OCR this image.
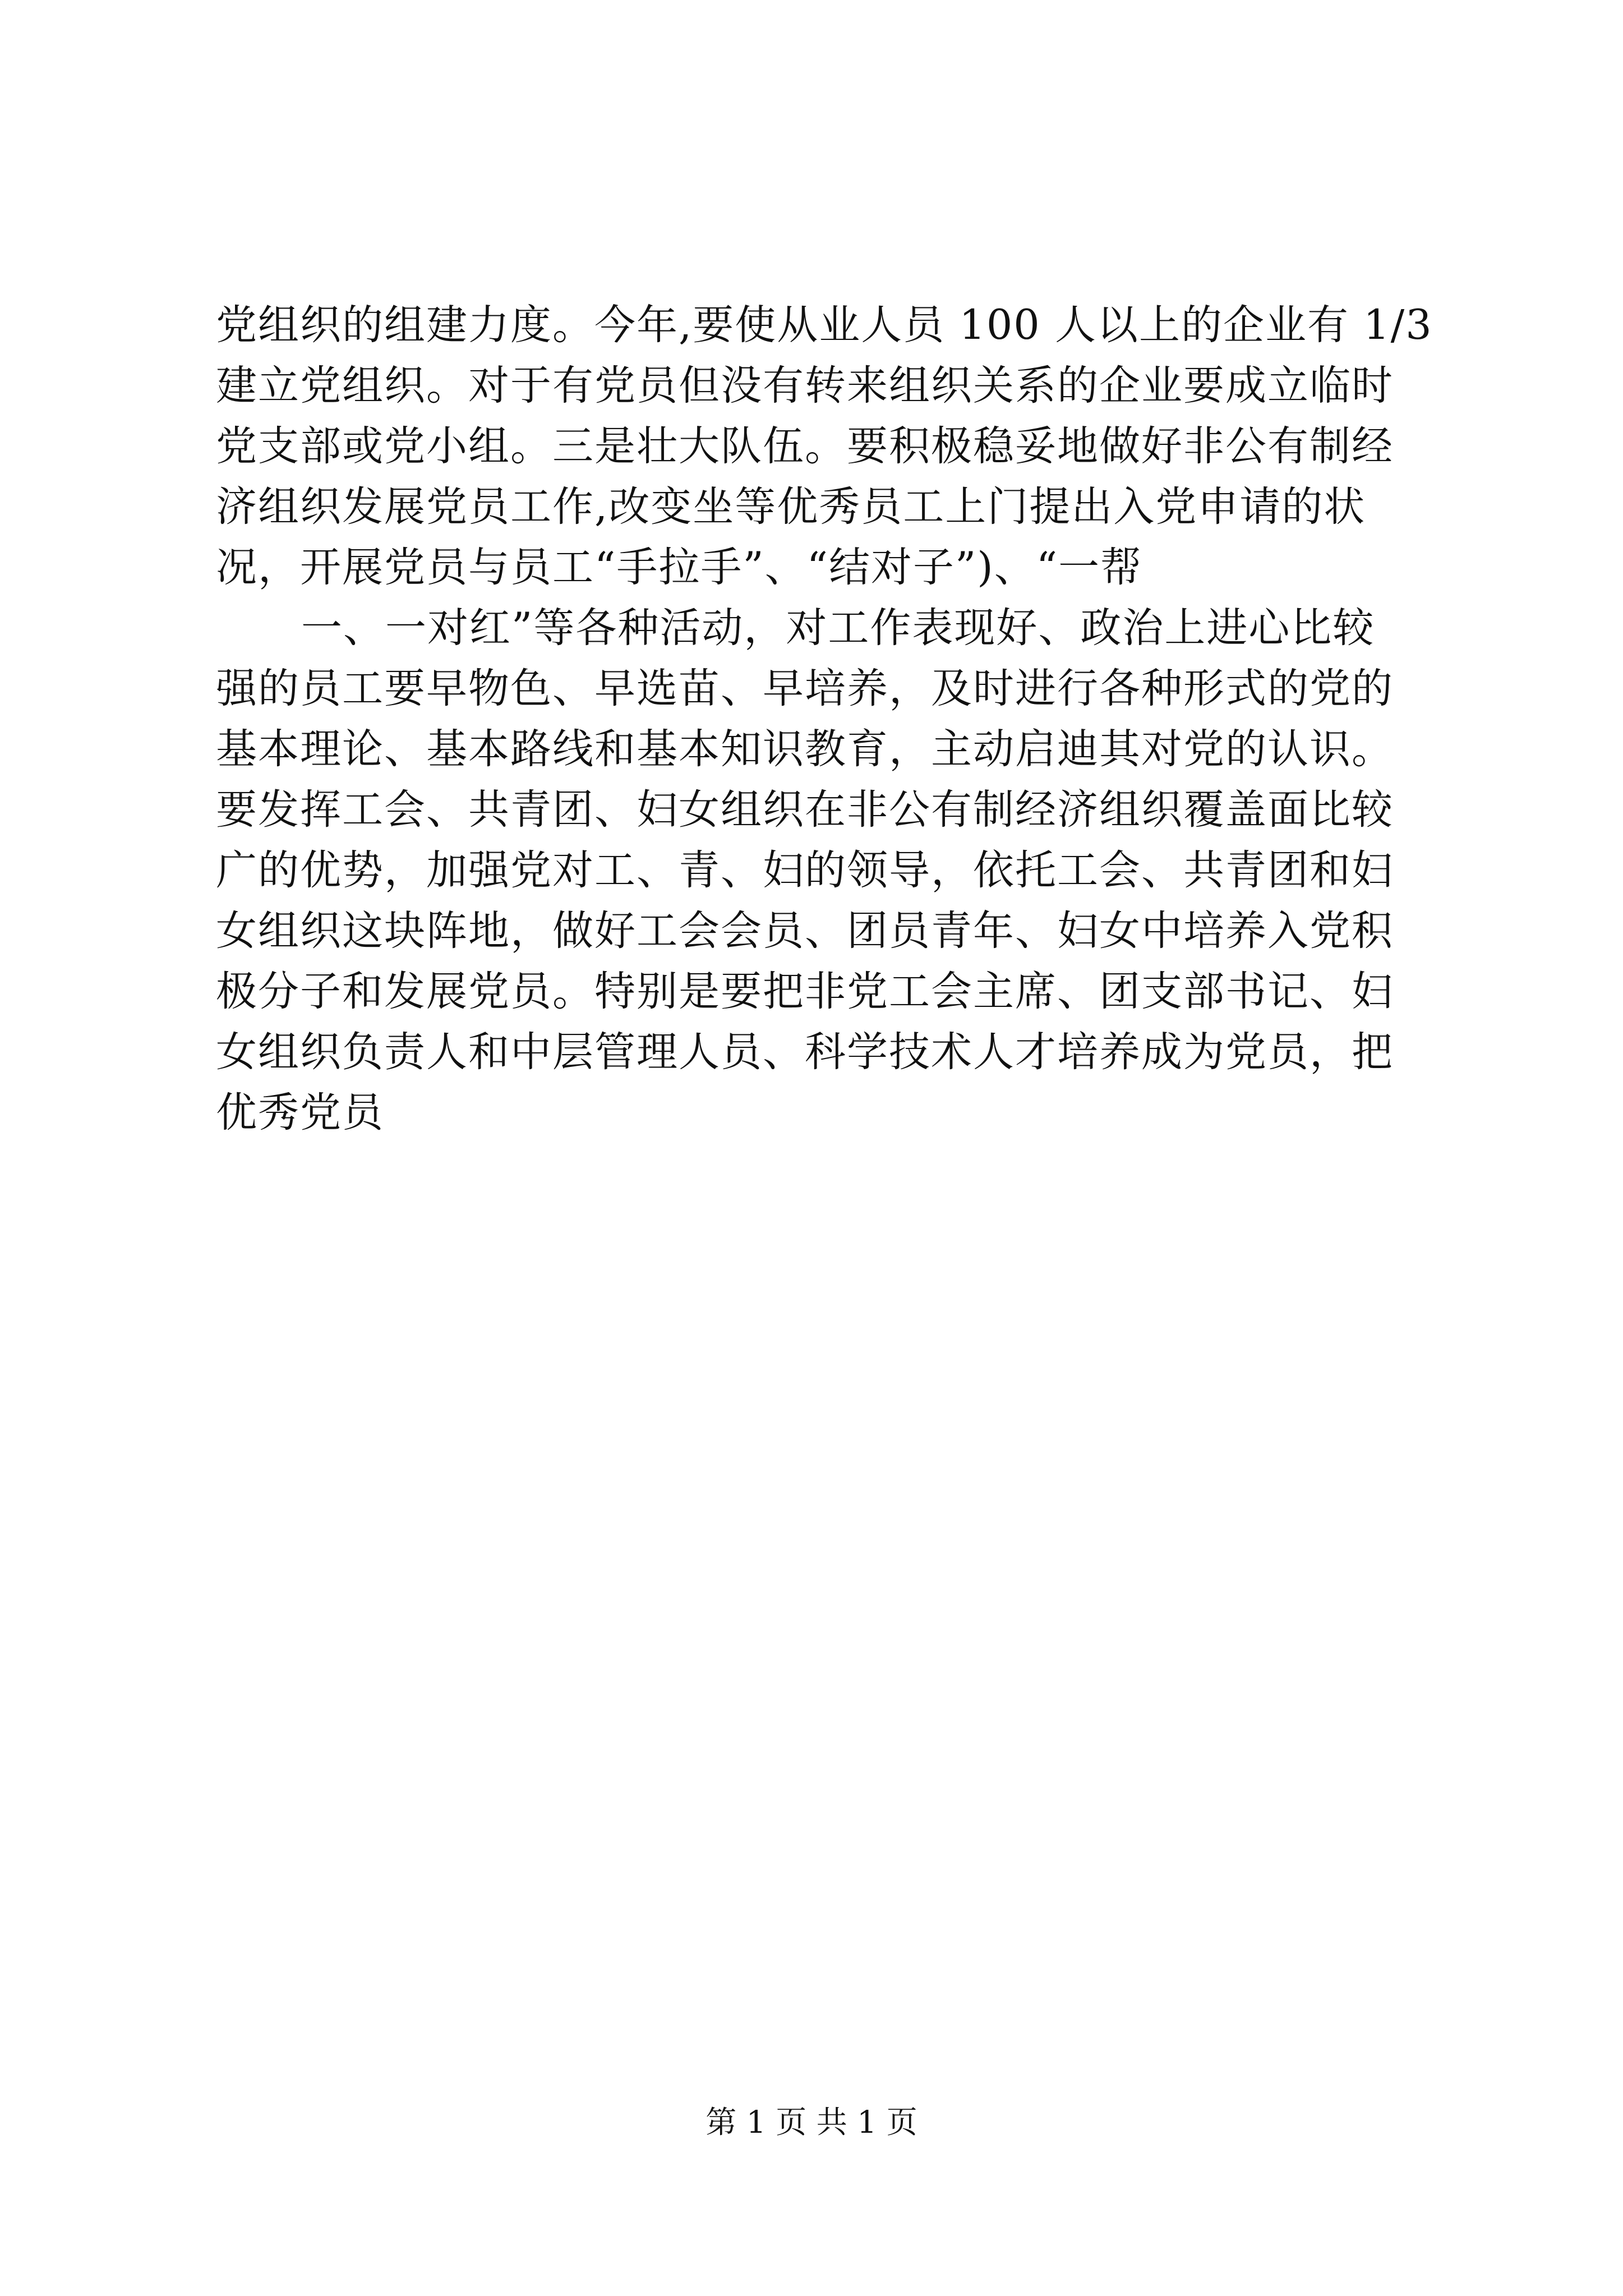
党组织的组建力度。今年,要使从业人员 100 人以上的企业有 1/3
建立党组织。对于有党员但没有转来组织关系的企业要成立临时
党支部或党小组。三是壮大队伍。要积极稳妥地做好非公有制经
济组织发展党员工作,改变坐等优秀员工上门提出入党申请的状
况，开展党员与员工“手拉手”、“结对子”)、“一帮
一、一对红”等各种活动，对工作表现好、政治上进心比较
强的员工要早物色、早选苗、早培养，及时进行各种形式的党的
基本理论、基本路线和基本知识教育，主动启迪其对党的认识。
要发挥工会、共青团、妇女组织在非公有制经济组织覆盖面比较
广的优势，加强党对工、青、妇的领导，依托工会、共青团和妇
女组织这块阵地，做好工会会员、团员青年、妇女中培养入党积
极分子和发展党员。特别是要把非党工会主席、团支部书记、妇
女组织负责人和中层管理人员、科学技术人才培养成为党员，把
优秀党员
第 1 页 共 1 页
